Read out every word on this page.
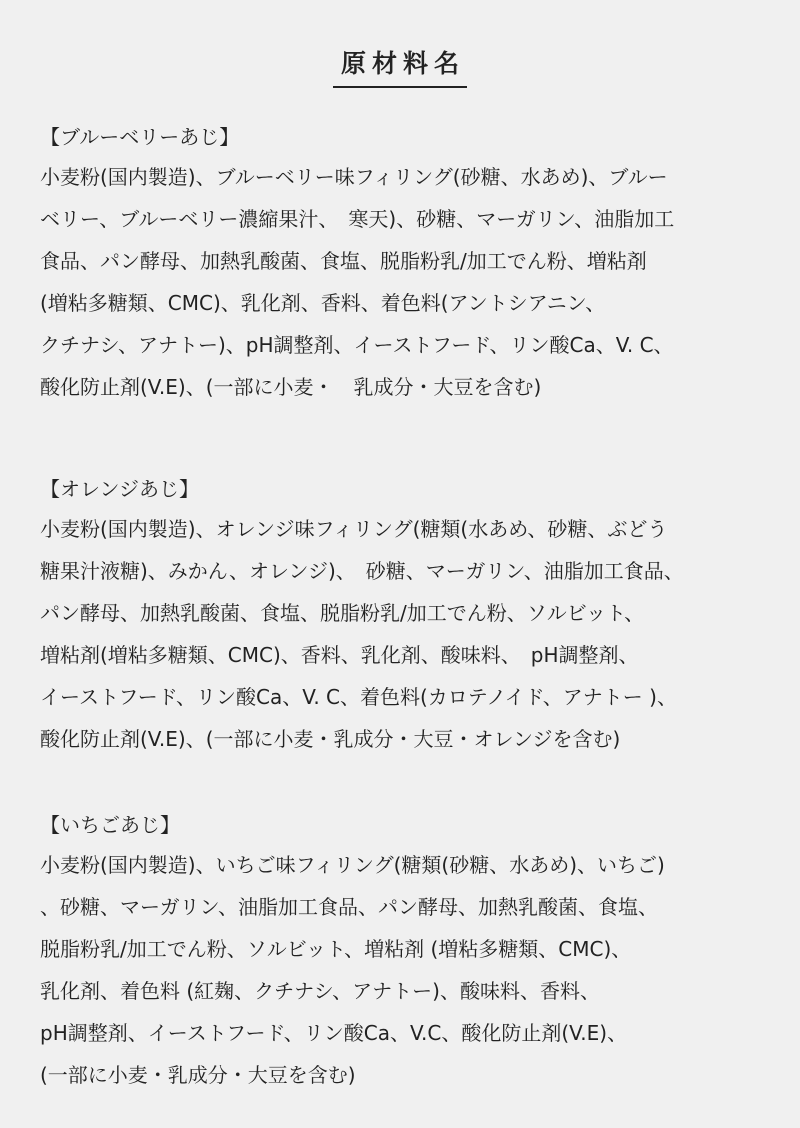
原材料名

【ブルーベリーあじ】

小麦粉(国内製造)、ブルーベリー味フィリング(砂糖、水あめ)、ブルー

ベリー、ブルーベリー濃縮果汁、　寒天)、砂糖、マーガリン、油脂加工

食品、パン酵母、加熱乳酸菌、食塩、脱脂粉乳/加工でん粉、増粘剤

(増粘多糖類、CMC)、乳化剤、香料、着色料(アントシアニン、

クチナシ、アナトー)、pH調整剤、イーストフード、リン酸Ca、V. C、

酸化防止剤(V.E)、(一部に小麦・　乳成分・大豆を含む)

【オレンジあじ】

小麦粉(国内製造)、オレンジ味フィリング(糖類(水あめ、砂糖、ぶどう

糖果汁液糖)、みかん、オレンジ)、　砂糖、マーガリン、油脂加工食品、

パン酵母、加熱乳酸菌、食塩、脱脂粉乳/加工でん粉、ソルビット、

増粘剤(増粘多糖類、CMC)、香料、乳化剤、酸味料、　pH調整剤、

イーストフード、リン酸Ca、V. C、着色料(カロテノイド、アナトー )、

酸化防止剤(V.E)、(一部に小麦・乳成分・大豆・オレンジを含む)

【いちごあじ】

小麦粉(国内製造)、いちご味フィリング(糖類(砂糖、水あめ)、いちご)

、砂糖、マーガリン、油脂加工食品、パン酵母、加熱乳酸菌、食塩、

脱脂粉乳/加工でん粉、ソルビット、増粘剤 (増粘多糖類、CMC)、

乳化剤、着色料 (紅麹、クチナシ、アナトー)、酸味料、香料、

pH調整剤、イーストフード、リン酸Ca、V.C、酸化防止剤(V.E)、

(一部に小麦・乳成分・大豆を含む)
